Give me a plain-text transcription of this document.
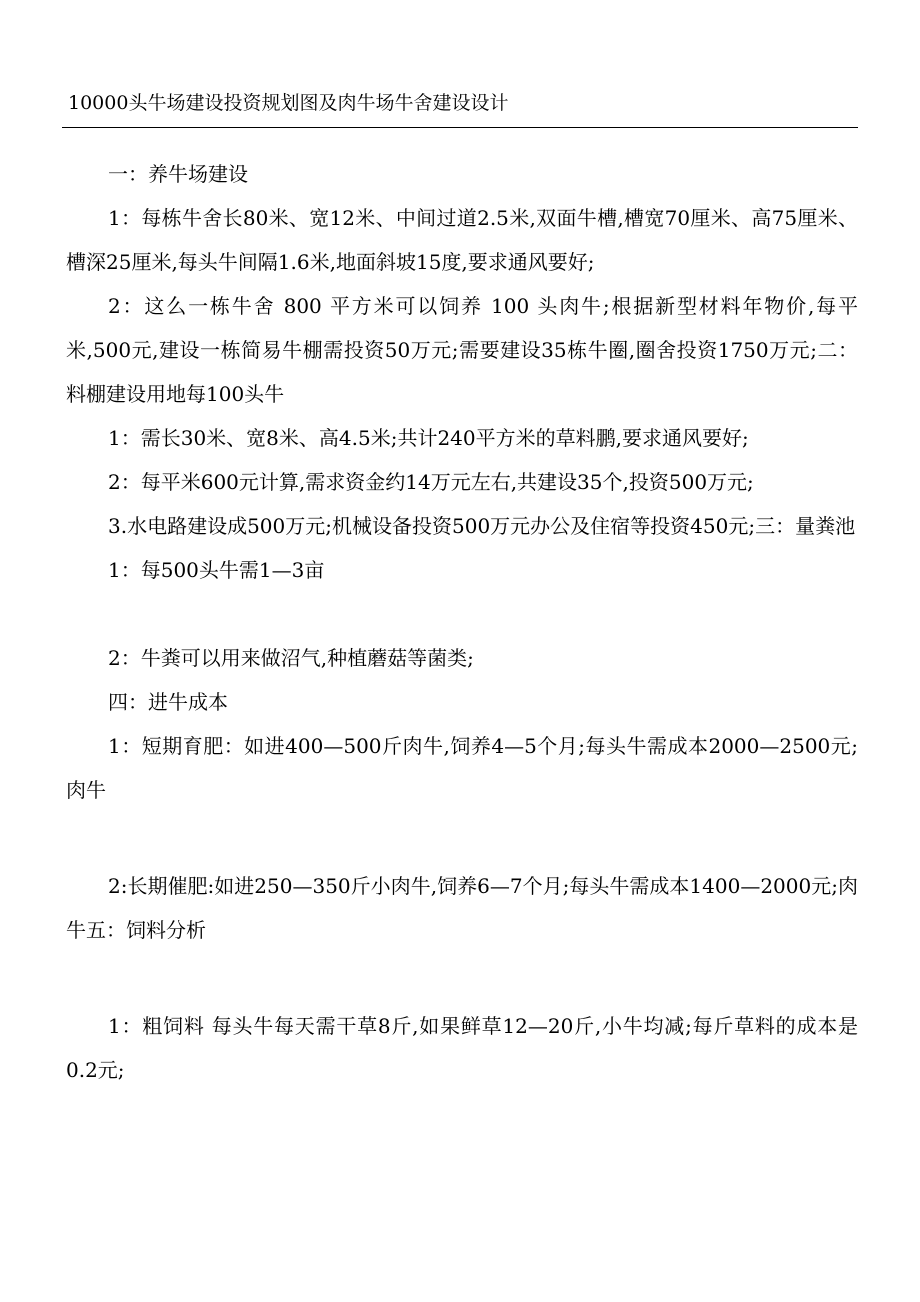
10000头牛场建设投资规划图及肉牛场牛舍建设设计

一：养牛场建设

1：每栋牛舍长80米、宽12米、中间过道2.5米,双面牛槽,槽宽70厘米、高75厘米、槽深25厘米,每头牛间隔1.6米,地面斜坡15度,要求通风要好;

2：这么一栋牛舍 800 平方米可以饲养 100 头肉牛;根据新型材料年物价,每平米,500元,建设一栋简易牛棚需投资50万元;需要建设35栋牛圈,圈舍投资1750万元;二：料棚建设用地每100头牛

1：需长30米、宽8米、高4.5米;共计240平方米的草料鹏,要求通风要好;

2：每平米600元计算,需求资金约14万元左右,共建设35个,投资500万元;

3.水电路建设成500万元;机械设备投资500万元办公及住宿等投资450元;三：量粪池

1：每500头牛需1—3亩

2：牛粪可以用来做沼气,种植蘑菇等菌类;

四：进牛成本

1：短期育肥：如进400—500斤肉牛,饲养4—5个月;每头牛需成本2000—2500元;肉牛

2:长期催肥:如进250—350斤小肉牛,饲养6—7个月;每头牛需成本1400—2000元;肉牛五：饲料分析

1：粗饲料 每头牛每天需干草8斤,如果鲜草12—20斤,小牛均减;每斤草料的成本是0.2元;
